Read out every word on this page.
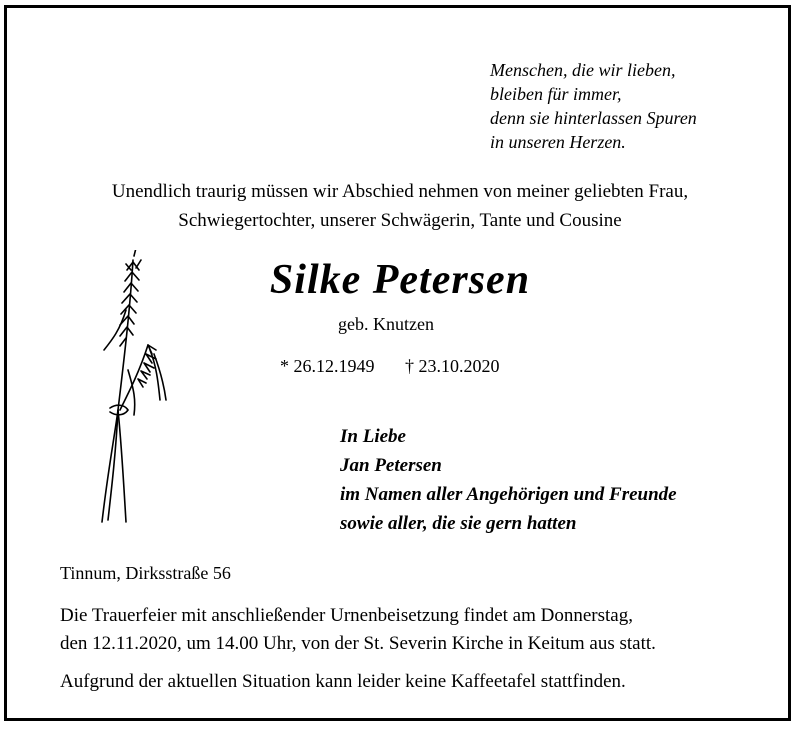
Menschen, die wir lieben,
bleiben für immer,
denn sie hinterlassen Spuren
in unseren Herzen.
Unendlich traurig müssen wir Abschied nehmen von meiner geliebten Frau,
Schwiegertochter, unserer Schwägerin, Tante und Cousine
Silke Petersen
geb. Knutzen
* 26.12.1949 † 23.10.2020
In Liebe
Jan Petersen
im Namen aller Angehörigen und Freunde
sowie aller, die sie gern hatten
Tinnum, Dirksstraße 56
Die Trauerfeier mit anschließender Urnenbeisetzung findet am Donnerstag,
den 12.11.2020, um 14.00 Uhr, von der St. Severin Kirche in Keitum aus statt.
Aufgrund der aktuellen Situation kann leider keine Kaffeetafel stattfinden.
